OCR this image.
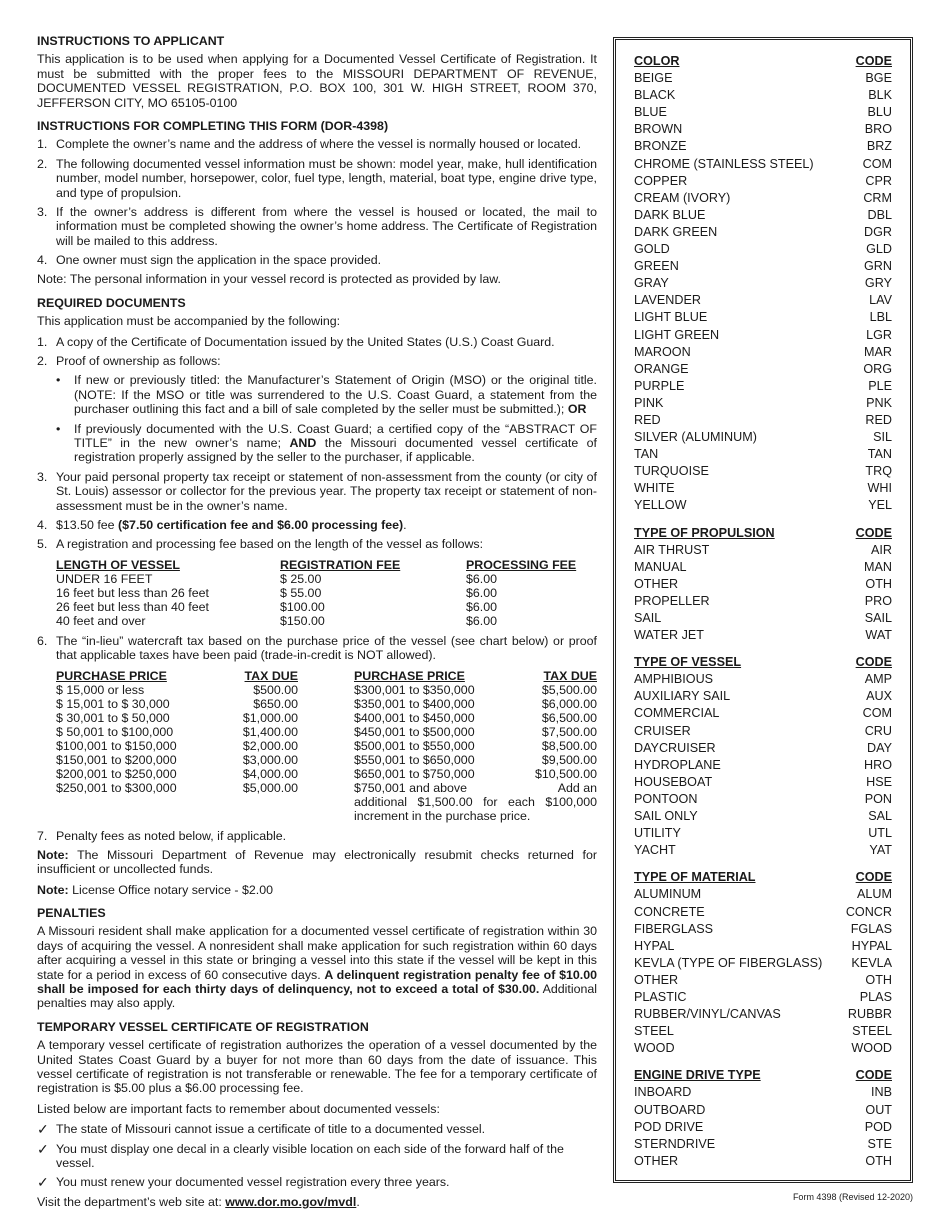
INSTRUCTIONS TO APPLICANT

This application is to be used when applying for a Documented Vessel Certificate of Registration. It must be submitted with the proper fees to the MISSOURI DEPARTMENT OF REVENUE, DOCUMENTED VESSEL REGISTRATION, P.O. BOX 100, 301 W. HIGH STREET, ROOM 370, JEFFERSON CITY, MO 65105-0100

INSTRUCTIONS FOR COMPLETING THIS FORM (DOR-4398)
1. Complete the owner’s name and the address of where the vessel is normally housed or located.
2. The following documented vessel information must be shown: model year, make, hull identification number, model number, horsepower, color, fuel type, length, material, boat type, engine drive type, and type of propulsion.
3. If the owner’s address is different from where the vessel is housed or located, the mail to information must be completed showing the owner’s home address. The Certificate of Registration will be mailed to this address.
4. One owner must sign the application in the space provided.

Note: The personal information in your vessel record is protected as provided by law.

REQUIRED DOCUMENTS

This application must be accompanied by the following:

1. A copy of the Certificate of Documentation issued by the United States (U.S.) Coast Guard.
2. Proof of ownership as follows:
• If new or previously titled: the Manufacturer’s Statement of Origin (MSO) or the original title. (NOTE: If the MSO or title was surrendered to the U.S. Coast Guard, a statement from the purchaser outlining this fact and a bill of sale completed by the seller must be submitted.); OR
• If previously documented with the U.S. Coast Guard; a certified copy of the “ABSTRACT OF TITLE” in the new owner’s name; AND the Missouri documented vessel certificate of registration properly assigned by the seller to the purchaser, if applicable.
3. Your paid personal property tax receipt or statement of non-assessment from the county (or city of St. Louis) assessor or collector for the previous year. The property tax receipt or statement of non-assessment must be in the owner’s name.
4. $13.50 fee ($7.50 certification fee and $6.00 processing fee).
5. A registration and processing fee based on the length of the vessel as follows:
LENGTH OF VESSEL	REGISTRATION FEE	PROCESSING FEE
UNDER 16 FEET	$ 25.00	$6.00
16 feet but less than 26 feet	$ 55.00	$6.00
26 feet but less than 40 feet	$100.00	$6.00
40 feet and over	$150.00	$6.00
6. The “in-lieu” watercraft tax based on the purchase price of the vessel (see chart below) or proof that applicable taxes have been paid (trade-in-credit is NOT allowed).
PURCHASE PRICE	TAX DUE		PURCHASE PRICE	TAX DUE
$ 15,000 or less	$500.00		$300,001 to $350,000	$5,500.00
$ 15,001 to $ 30,000	$650.00		$350,001 to $400,000	$6,000.00
$ 30,001 to $ 50,000	$1,000.00		$400,001 to $450,000	$6,500.00
$ 50,001 to $100,000	$1,400.00		$450,001 to $500,000	$7,500.00
$100,001 to $150,000	$2,000.00		$500,001 to $550,000	$8,500.00
$150,001 to $200,000	$3,000.00		$550,001 to $650,000	$9,500.00
$200,001 to $250,000	$4,000.00		$650,001 to $750,000	$10,500.00
$250,001 to $300,000	$5,000.00		$750,001 and above	Add an
			additional $1,500.00 for each $100,000 increment in the purchase price.	
7. Penalty fees as noted below, if applicable.

Note: The Missouri Department of Revenue may electronically resubmit checks returned for insufficient or uncollected funds.

Note: License Office notary service - $2.00

PENALTIES

A Missouri resident shall make application for a documented vessel certificate of registration within 30 days of acquiring the vessel. A nonresident shall make application for such registration within 60 days after acquiring a vessel in this state or bringing a vessel into this state if the vessel will be kept in this state for a period in excess of 60 consecutive days. A delinquent registration penalty fee of $10.00 shall be imposed for each thirty days of delinquency, not to exceed a total of $30.00. Additional penalties may also apply.

TEMPORARY VESSEL CERTIFICATE OF REGISTRATION

A temporary vessel certificate of registration authorizes the operation of a vessel documented by the United States Coast Guard by a buyer for not more than 60 days from the date of issuance. This vessel certificate of registration is not transferable or renewable. The fee for a temporary certificate of registration is $5.00 plus a $6.00 processing fee.

Listed below are important facts to remember about documented vessels:

✓ The state of Missouri cannot issue a certificate of title to a documented vessel.
✓ You must display one decal in a clearly visible location on each side of the forward half of the vessel.
✓ You must renew your documented vessel registration every three years.

Visit the department’s web site at: www.dor.mo.gov/mvdl.

COLOR	CODE
BEIGE	BGE
BLACK	BLK
BLUE	BLU
BROWN	BRO
BRONZE	BRZ
CHROME (STAINLESS STEEL)	COM
COPPER	CPR
CREAM (IVORY)	CRM
DARK BLUE	DBL
DARK GREEN	DGR
GOLD	GLD
GREEN	GRN
GRAY	GRY
LAVENDER	LAV
LIGHT BLUE	LBL
LIGHT GREEN	LGR
MAROON	MAR
ORANGE	ORG
PURPLE	PLE
PINK	PNK
RED	RED
SILVER (ALUMINUM)	SIL
TAN	TAN
TURQUOISE	TRQ
WHITE	WHI
YELLOW	YEL
TYPE OF PROPULSION	CODE
AIR THRUST	AIR
MANUAL	MAN
OTHER	OTH
PROPELLER	PRO
SAIL	SAIL
WATER JET	WAT
TYPE OF VESSEL	CODE
AMPHIBIOUS	AMP
AUXILIARY SAIL	AUX
COMMERCIAL	COM
CRUISER	CRU
DAYCRUISER	DAY
HYDROPLANE	HRO
HOUSEBOAT	HSE
PONTOON	PON
SAIL ONLY	SAL
UTILITY	UTL
YACHT	YAT
TYPE OF MATERIAL	CODE
ALUMINUM	ALUM
CONCRETE	CONCR
FIBERGLASS	FGLAS
HYPAL	HYPAL
KEVLA (TYPE OF FIBERGLASS) KEVLA
OTHER	OTH
PLASTIC	PLAS
RUBBER/VINYL/CANVAS	RUBBR
STEEL	STEEL
WOOD	WOOD
ENGINE DRIVE TYPE	CODE
INBOARD	INB
OUTBOARD	OUT
POD DRIVE	POD
STERNDRIVE	STE
OTHER	OTH
Form 4398 (Revised 12-2020)
